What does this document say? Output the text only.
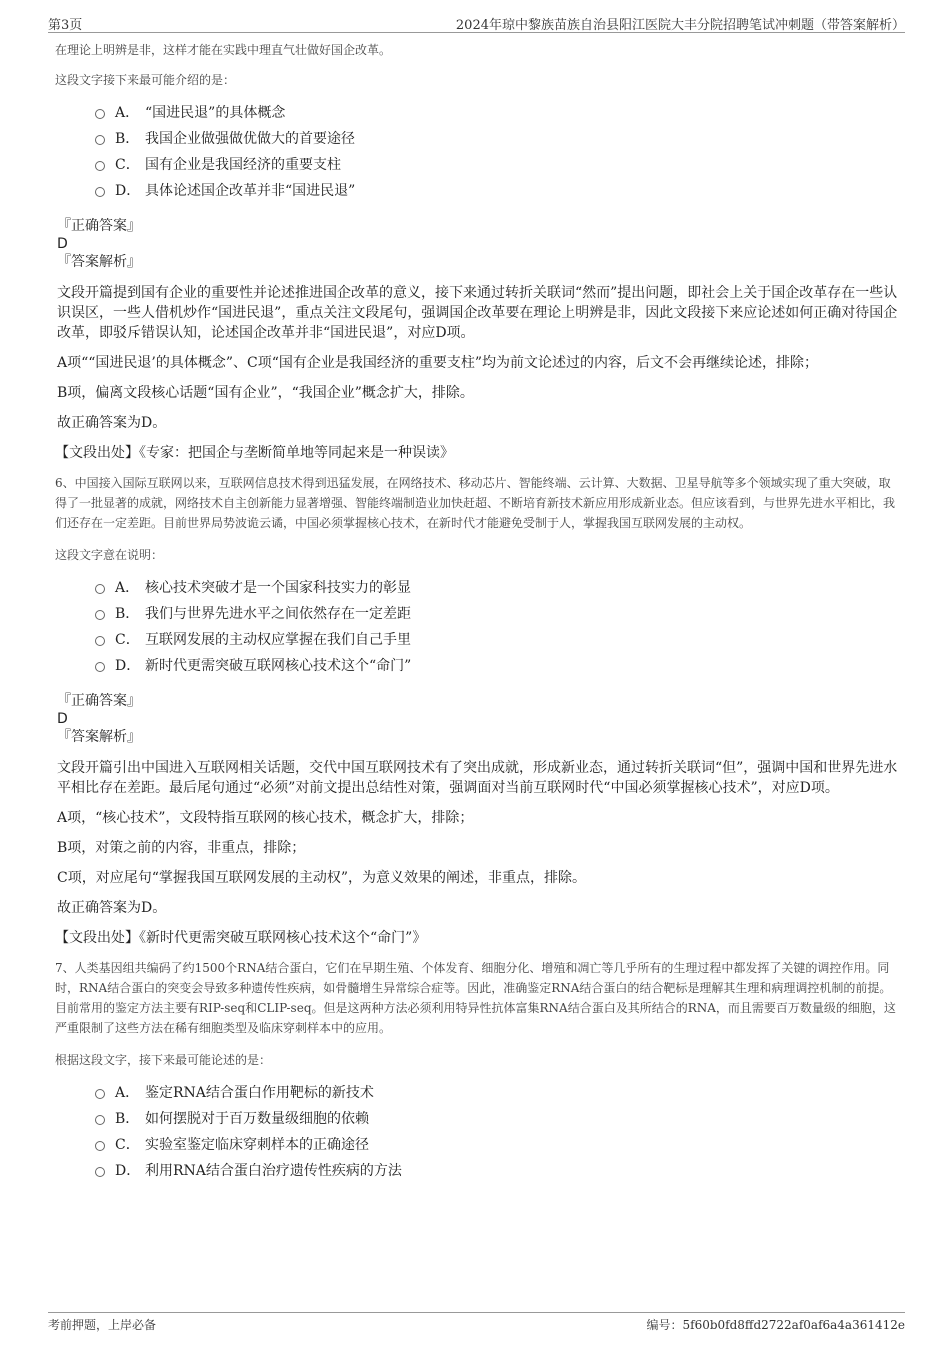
第3页	2024年琼中黎族苗族自治县阳江医院大丰分院招聘笔试冲刺题（带答案解析）

在理论上明辨是非，这样才能在实践中理直气壮做好国企改革。

这段文字接下来最可能介绍的是：

A． “国进民退”的具体概念
B． 我国企业做强做优做大的首要途径
C． 国有企业是我国经济的重要支柱
D． 具体论述国企改革并非“国进民退”

『正确答案』

D

『答案解析』

文段开篇提到国有企业的重要性并论述推进国企改革的意义，接下来通过转折关联词“然而”提出问题，即社会上关于国企改革存在一些认识误区，一些人借机炒作“国进民退”，重点关注文段尾句，强调国企改革要在理论上明辨是非，因此文段接下来应论述如何正确对待国企改革，即驳斥错误认知，论述国企改革并非“国进民退”，对应D项。

A项““国进民退’的具体概念”、C项“国有企业是我国经济的重要支柱”均为前文论述过的内容，后文不会再继续论述，排除；

B项，偏离文段核心话题“国有企业”，“我国企业”概念扩大，排除。

故正确答案为D。

【文段出处】《专家：把国企与垄断简单地等同起来是一种误读》

6、中国接入国际互联网以来，互联网信息技术得到迅猛发展，在网络技术、移动芯片、智能终端、云计算、大数据、卫星导航等多个领域实现了重大突破，取得了一批显著的成就，网络技术自主创新能力显著增强、智能终端制造业加快赶超、不断培育新技术新应用形成新业态。但应该看到，与世界先进水平相比，我们还存在一定差距。目前世界局势波诡云谲，中国必须掌握核心技术，在新时代才能避免受制于人，掌握我国互联网发展的主动权。

这段文字意在说明：

A． 核心技术突破才是一个国家科技实力的彰显
B． 我们与世界先进水平之间依然存在一定差距
C． 互联网发展的主动权应掌握在我们自己手里
D． 新时代更需突破互联网核心技术这个“命门”

『正确答案』

D

『答案解析』

文段开篇引出中国进入互联网相关话题，交代中国互联网技术有了突出成就，形成新业态，通过转折关联词“但”，强调中国和世界先进水平相比存在差距。最后尾句通过“必须”对前文提出总结性对策，强调面对当前互联网时代“中国必须掌握核心技术”，对应D项。

A项，“核心技术”，文段特指互联网的核心技术，概念扩大，排除；

B项，对策之前的内容，非重点，排除；

C项，对应尾句“掌握我国互联网发展的主动权”，为意义效果的阐述，非重点，排除。

故正确答案为D。

【文段出处】《新时代更需突破互联网核心技术这个“命门”》

7、人类基因组共编码了约1500个RNA结合蛋白，它们在早期生殖、个体发育、细胞分化、增殖和凋亡等几乎所有的生理过程中都发挥了关键的调控作用。同时，RNA结合蛋白的突变会导致多种遗传性疾病，如骨髓增生异常综合症等。因此，准确鉴定RNA结合蛋白的结合靶标是理解其生理和病理调控机制的前提。目前常用的鉴定方法主要有RIP-seq和CLIP-seq。但是这两种方法必须利用特异性抗体富集RNA结合蛋白及其所结合的RNA，而且需要百万数量级的细胞，这严重限制了这些方法在稀有细胞类型及临床穿刺样本中的应用。

根据这段文字，接下来最可能论述的是：

A． 鉴定RNA结合蛋白作用靶标的新技术
B． 如何摆脱对于百万数量级细胞的依赖
C． 实验室鉴定临床穿刺样本的正确途径
D． 利用RNA结合蛋白治疗遗传性疾病的方法
考前押题，上岸必备	编号：5f60b0fd8ffd2722af0af6a4a361412e
